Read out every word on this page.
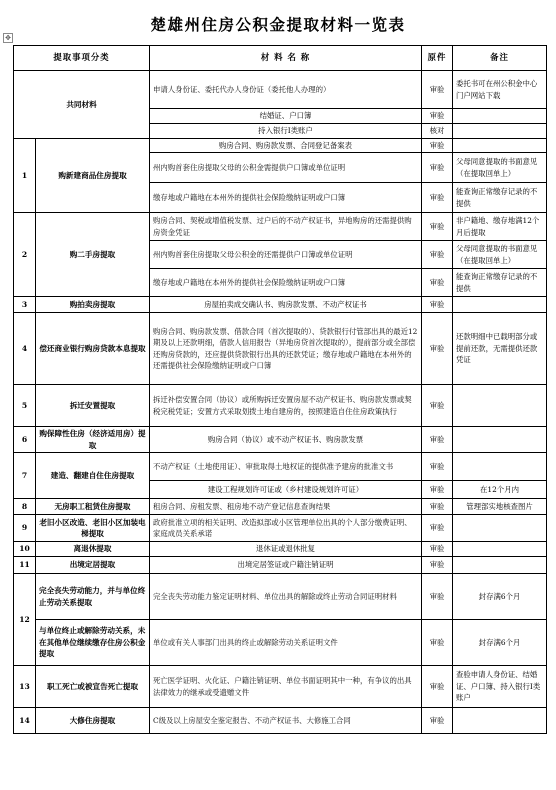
楚雄州住房公积金提取材料一览表
✥
提取事项分类		材 料 名 称	原件	备注
共同材料		申请人身份证、委托代办人身份证（委托他人办理的）	审验	委托书可在州公积金中心门户网站下载
		结婚证、户口簿	审验	
		持入银行Ⅰ类账户	核对	
1	购新建商品住房提取	购房合同、购房款发票、合同登记备案表	审验	
		州内购首套住房提取父母的公积金需提供户口簿或单位证明	审验	父母同意提取的书面意见（在提取回单上）
		缴存地或户籍地在本州外的提供社会保险缴纳证明或户口簿	审验	能查询正常缴存记录的不提供
2	购二手房提取	购房合同、契税或增值税发票、过户后的不动产权证书，异地购房的还需提供购房资金凭证	审验	非户籍地、缴存地满12个月后提取
		州内购首套住房提取父母公积金的还需提供户口簿或单位证明	审验	父母同意提取的书面意见（在提取回单上）
		缴存地或户籍地在本州外的提供社会保险缴纳证明或户口簿	审验	能查询正常缴存记录的不提供
3	购拍卖房提取	房屋拍卖成交确认书、购房款发票、不动产权证书	审验	
4	偿还商业银行购房贷款本息提取	购房合同、购房款发票、借款合同（首次提取的）、贷款银行付管部出具的最近12期及以上还款明细，借款人信用报告（异地房贷首次提取的），提前部分或全部偿还购房贷款的，还应提供贷款银行出具的还款凭证；缴存地或户籍地在本州外的还需提供社会保险缴纳证明或户口簿	审验	还款明细中已载明部分或提前还款，无需提供还款凭证
5	拆迁安置提取	拆迁补偿安置合同（协议）或所购拆迁安置房屋不动产权证书、购房款发票或契税完税凭证；安置方式采取划拨土地自建房的，按照建造自住住房政策执行	审验	
6	购保障性住房（经济适用房）提取	购房合同（协议）或不动产权证书、购房款发票	审验	
7	建造、翻建自住住房提取	不动产权证（土地使用证）、审批取得土地权证的提供准予建房的批准文书	审验	
		建设工程规划许可证或（乡村建设规划许可证）	审验	在12个月内
8	无房职工租赁住房提取	租房合同、房租发票、租房地不动产登记信息查询结果	审验	管理部实地核查图片
9	老旧小区改造、老旧小区加装电梯提取	政府批准立项的相关证明、改造拟部或小区管理单位出具的个人部分缴费证明、家庭成员关系承诺	审验	
10	离退休提取	退休证或退休批复	审验	
11	出境定居提取	出境定居签证或户籍注销证明	审验	
12	完全丧失劳动能力，并与单位终止劳动关系提取	完全丧失劳动能力鉴定证明材料、单位出具的解除或终止劳动合同证明材料	审验	封存满6个月
	与单位终止或解除劳动关系，未在其他单位继续缴存住房公积金提取	单位或有关人事部门出具的终止或解除劳动关系证明文件	审验	封存满6个月
13	职工死亡或被宣告死亡提取	死亡医学证明、火化证、户籍注销证明、单位书面证明其中一种，有争议的出具法律效力的继承或受遗赠文件	审验	查验申请人身份证、结婚证、户口簿、持入银行Ⅰ类账户
14	大修住房提取	C级及以上房屋安全鉴定报告、不动产权证书、大修施工合同	审验	
